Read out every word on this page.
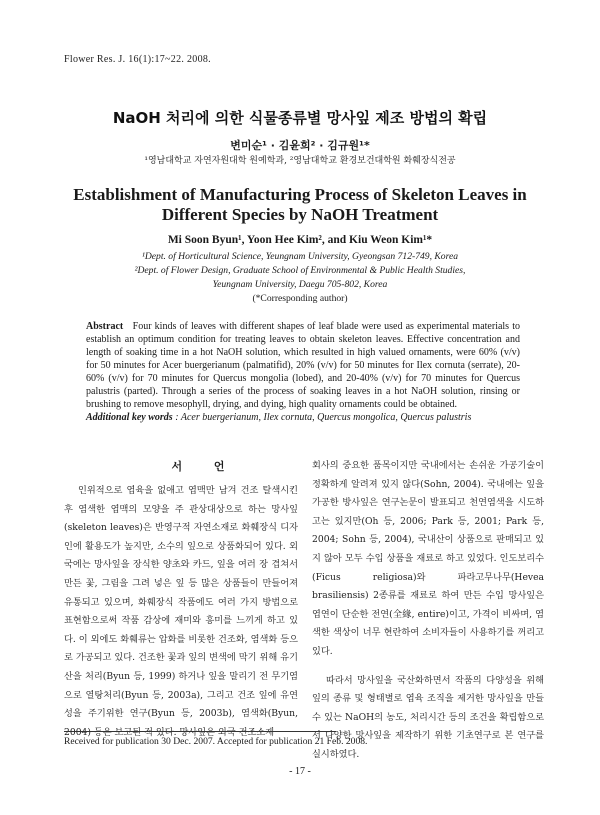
Flower Res. J. 16(1):17~22. 2008.
NaOH 처리에 의한 식물종류별 망사잎 제조 방법의 확립
변미순¹ · 김윤희² · 김규원¹*
¹영남대학교 자연자원대학 원예학과, ²영남대학교 환경보건대학원 화훼장식전공
Establishment of Manufacturing Process of Skeleton Leaves in
Different Species by NaOH Treatment
Mi Soon Byun¹, Yoon Hee Kim², and Kiu Weon Kim¹*
¹Dept. of Horticultural Science, Yeungnam University, Gyeongsan 712-749, Korea
²Dept. of Flower Design, Graduate School of Environmental & Public Health Studies,
Yeungnam University, Daegu 705-802, Korea
(*Corresponding author)
Abstract Four kinds of leaves with different shapes of leaf blade were used as experimental materials to establish an optimum condition for treating leaves to obtain skeleton leaves. Effective concentration and length of soaking time in a hot NaOH solution, which resulted in high valued ornaments, were 60% (v/v) for 50 minutes for Acer buergerianum (palmatifid), 20% (v/v) for 50 minutes for Ilex cornuta (serrate), 20-60% (v/v) for 70 minutes for Quercus mongolia (lobed), and 20-40% (v/v) for 70 minutes for Quercus palustris (parted). Through a series of the process of soaking leaves in a hot NaOH solution, rinsing or brushing to remove mesophyll, drying, and dying, high quality ornaments could be obtained.
Additional key words : Acer buergerianum, Ilex cornuta, Quercus mongolica, Quercus palustris
서 언

인위적으로 엽육을 없애고 엽맥만 남겨 건조 탈색시킨 후 염색한 엽맥의 모양을 주 관상대상으로 하는 망사잎(skeleton leaves)은 반영구적 자연소재로 화훼장식 디자인에 활용도가 높지만, 소수의 잎으로 상품화되어 있다. 외국에는 망사잎을 장식한 양초와 카드, 잎을 여러 장 겹쳐서 만든 꽃, 그림을 그려 넣은 잎 등 많은 상품들이 만들어져 유통되고 있으며, 화훼장식 작품에도 여러 가지 방법으로 표현함으로써 작품 감상에 재미와 흥미를 느끼게 하고 있다. 이 외에도 화훼류는 압화를 비롯한 건조화, 염색화 등으로 가공되고 있다. 건조한 꽃과 잎의 변색에 막기 위해 유기산을 처리(Byun 등, 1999) 하거나 잎을 말리기 전 무기염으로 열탕처리(Byun 등, 2003a), 그리고 건조 잎에 유연성을 주기위한 연구(Byun 등, 2003b), 염색화(Byun, 2004) 등은 보고된 적 있다. 망사잎은 외국 건조소재

회사의 중요한 품목이지만 국내에서는 손쉬운 가공기술이 정확하게 알려져 있지 않다(Sohn, 2004). 국내에는 잎을 가공한 방사잎은 연구논문이 발표되고 천연염색을 시도하고는 있지만(Oh 등, 2006; Park 등, 2001; Park 등, 2004; Sohn 등, 2004), 국내산이 상품으로 판매되고 있지 않아 모두 수입 상품을 재료로 하고 있었다. 인도보리수(Ficus religiosa)와 파라고무나무(Hevea brasiliensis) 2종류를 재료로 하여 만든 수입 망사잎은 엽연이 단순한 전연(全緣, entire)이고, 가격이 비싸며, 염색한 색상이 너무 현란하여 소비자들이 사용하기를 꺼리고 있다.

따라서 망사잎을 국산화하면서 작품의 다양성을 위해 잎의 종류 및 형태별로 엽육 조직을 제거한 망사잎을 만들 수 있는 NaOH의 농도, 처리시간 등의 조건을 확립함으로서 다양한 망사잎을 제작하기 위한 기초연구로 본 연구를 실시하였다.

Received for publication 30 Dec. 2007. Accepted for publication 21 Feb. 2008.
- 17 -
